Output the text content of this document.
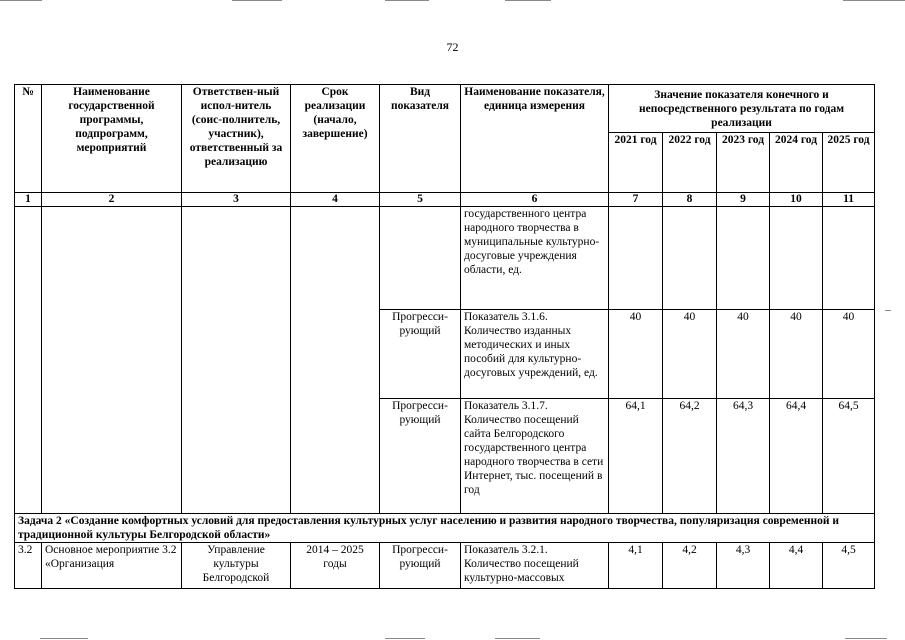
72
№	Наименование государственной программы, подпрограмм, мероприятий	Ответствен-ный испол-нитель (соис-полнитель, участник), ответственный за реализацию	Срок реализации (начало, завершение)	Вид показателя	Наименование показателя, единица измерения	Значение показателя конечного и непосредственного результата по годам реализации				
						2021 год	2022 год	2023 год	2024 год	2025 год
1	2	3	4	5	6	7	8	9	10	11
					государственного центра народного творчества в муниципальные культурно-досуговые учреждения области, ед.					
				Прогресси-рующий	Показатель 3.1.6. Количество изданных методических и иных пособий для культурно-досуговых учреждений, ед.	40	40	40	40	40
				Прогресси-рующий	Показатель 3.1.7. Количество посещений сайта Белгородского государственного центра народного творчества в сети Интернет, тыс. посещений в год	64,1	64,2	64,3	64,4	64,5
Задача 2 «Создание комфортных условий для предоставления культурных услуг населению и развития народного творчества, популяризация современной и традиционной культуры Белгородской области»										
3.2	Основное мероприятие 3.2 «Организация	Управление культуры Белгородской	2014 – 2025 годы	Прогресси-рующий	Показатель 3.2.1. Количество посещений культурно-массовых	4,1	4,2	4,3	4,4	4,5
